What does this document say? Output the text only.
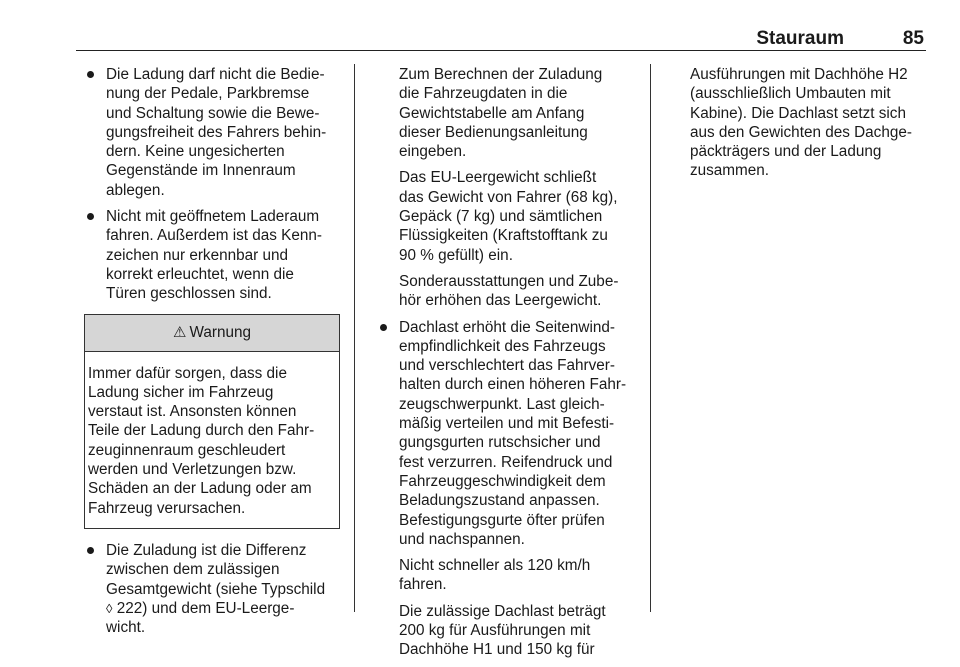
Stauraum	85
Die Ladung darf nicht die Bedie-
nung der Pedale, Parkbremse
und Schaltung sowie die Bewe-
gungsfreiheit des Fahrers behin-
dern. Keine ungesicherten
Gegenstände im Innenraum
ablegen.
Nicht mit geöffnetem Laderaum
fahren. Außerdem ist das Kenn-
zeichen nur erkennbar und
korrekt erleuchtet, wenn die
Türen geschlossen sind.
⚠ Warnung
Immer dafür sorgen, dass die
Ladung sicher im Fahrzeug
verstaut ist. Ansonsten können
Teile der Ladung durch den Fahr-
zeuginnenraum geschleudert
werden und Verletzungen bzw.
Schäden an der Ladung oder am
Fahrzeug verursachen.
Die Zuladung ist die Differenz
zwischen dem zulässigen
Gesamtgewicht (siehe Typschild
◊ 222) und dem EU-Leerge-
wicht.
Zum Berechnen der Zuladung
die Fahrzeugdaten in die
Gewichtstabelle am Anfang
dieser Bedienungsanleitung
eingeben.
Das EU-Leergewicht schließt
das Gewicht von Fahrer (68 kg),
Gepäck (7 kg) und sämtlichen
Flüssigkeiten (Kraftstofftank zu
90 % gefüllt) ein.
Sonderausstattungen und Zube-
hör erhöhen das Leergewicht.
Dachlast erhöht die Seitenwind-
empfindlichkeit des Fahrzeugs
und verschlechtert das Fahrver-
halten durch einen höheren Fahr-
zeugschwerpunkt. Last gleich-
mäßig verteilen und mit Befesti-
gungsgurten rutschsicher und
fest verzurren. Reifendruck und
Fahrzeuggeschwindigkeit dem
Beladungszustand anpassen.
Befestigungsgurte öfter prüfen
und nachspannen.
Nicht schneller als 120 km/h
fahren.
Die zulässige Dachlast beträgt
200 kg für Ausführungen mit
Dachhöhe H1 und 150 kg für
Ausführungen mit Dachhöhe H2
(ausschließlich Umbauten mit
Kabine). Die Dachlast setzt sich
aus den Gewichten des Dachge-
päckträgers und der Ladung
zusammen.
